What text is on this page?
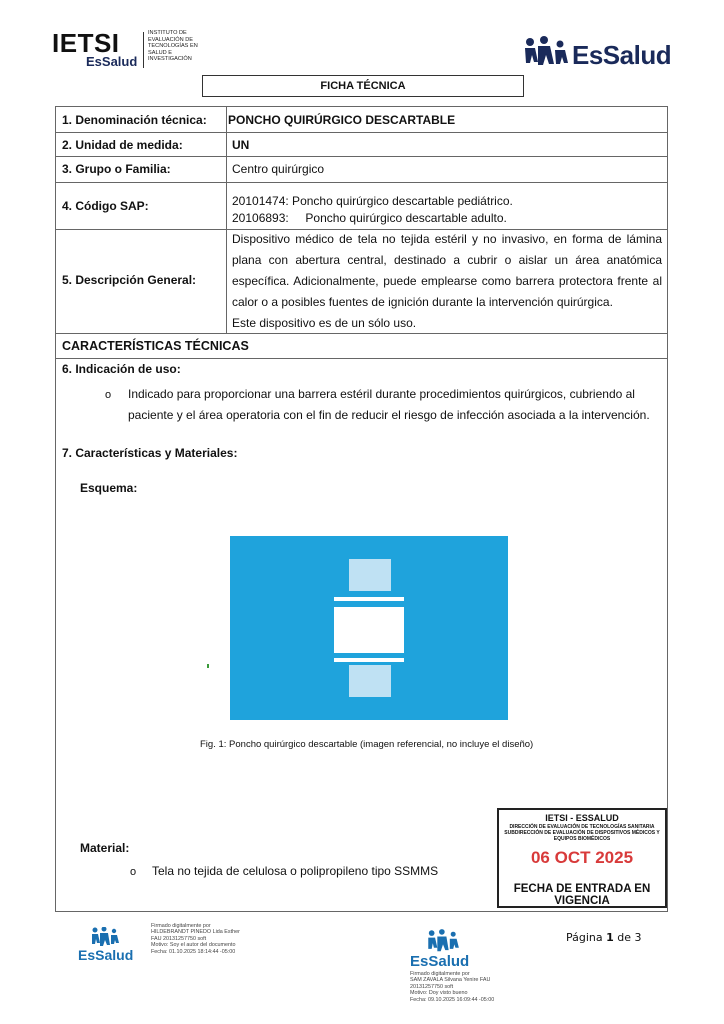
IETSI
EsSalud
INSTITUTO DE EVALUACIÓN DE TECNOLOGÍAS EN SALUD E INVESTIGACIÓN	EsSalud
FICHA TÉCNICA
1. Denominación técnica: PONCHO QUIRÚRGICO DESCARTABLE
2. Unidad de medida:	UN
3. Grupo o Familia:	Centro quirúrgico
4. Código SAP:	20101474: Poncho quirúrgico descartable pediátrico.
20106893:     Poncho quirúrgico descartable adulto.
5. Descripción General:
Dispositivo médico de tela no tejida estéril y no invasivo, en forma de lámina plana con abertura central, destinado a cubrir o aislar un área anatómica específica. Adicionalmente, puede emplearse como barrera protectora frente al calor o a posibles fuentes de ignición durante la intervención quirúrgica.

Este dispositivo es de un sólo uso.
CARACTERÍSTICAS TÉCNICAS
6. Indicación de uso:
o Indicado para proporcionar una barrera estéril durante procedimientos quirúrgicos, cubriendo al paciente y el área operatoria con el fin de reducir el riesgo de infección asociada a la intervención.
7. Características y Materiales:
Esquema:
Fig. 1: Poncho quirúrgico descartable (imagen referencial, no incluye el diseño)
Material:
o Tela no tejida de celulosa o polipropileno tipo SSMMS
IETSI - ESSALUD
DIRECCIÓN DE EVALUACIÓN DE TECNOLOGÍAS SANITARIA
SUBDIRECCIÓN DE EVALUACIÓN DE DISPOSITIVOS MÉDICOS Y EQUIPOS BIOMÉDICOS
06 OCT 2025
FECHA DE ENTRADA EN VIGENCIA
EsSalud
Firmado digitalmente por
HILDEBRANDT PINEDO Lida Esther
FAU 20131257750 soft
Motivo: Soy el autor del documento
Fecha: 01.10.2025 18:14:44 -05:00
EsSalud
Firmado digitalmente por
SAM ZAVALA Silvana Yenire FAU
20131257750 soft
Motivo: Doy visto bueno
Fecha: 09.10.2025 16:09:44 -05:00
Página 1 de 3
